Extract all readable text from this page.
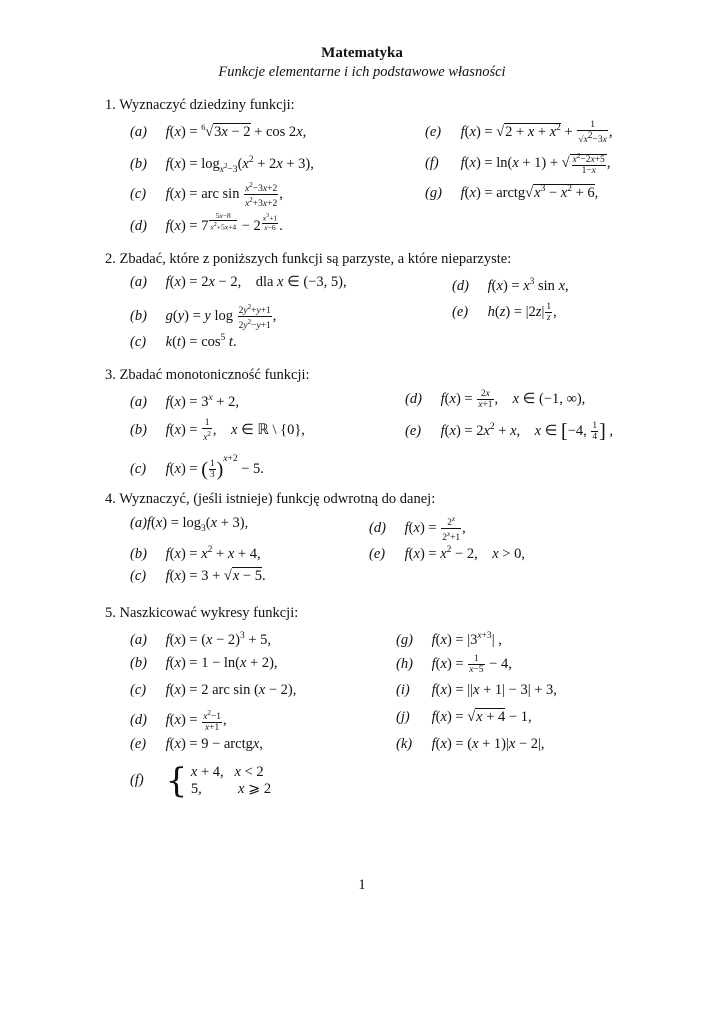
Matematyka
Funkcje elementarne i ich podstawowe własności
1. Wyznaczyć dziedziny funkcji:
(a) f(x) = $^6$√3x − 2 + cos 2x,	(e) $f(x) = √2 + x + x^2 + \frac{1}{√x^2-3x}$ ,
(b) $f(x) = \log_{x^2-3}(x^2 + 2x + 3)$,	(f) f(x) = ln(x + 1) + √ $\frac{x^2-2x+5}{1-x}$ ,
(c) f(x) = arc $\sin \frac{x^2-3x+2}{x^2+3x+2}$ ,	(g) $f(x) = arctg√x^3 - x^2 + 6$,
(d) f(x) = 7 $^{\frac{5x-8}{x^2+5x+4}}$ − 2 $^{\frac{x^3+1}{x-6}}$ .
2. Zbadać, które z poniższych funkcji są parzyste, a które nieparzyste:
(a) f(x) = 2x − 2,    dla x ∈ (−3, 5),	(d) $f(x) = x^3$ sin x,
(b) g(y) = y $\log \frac{2y^2+y+1}{2y^2-y+1}$ ,	(e) $h(z) = |2z| \frac{1}{z}$ ,
(c) $k(t) = \cos^5 t$.
3. Zbadać monotoniczność funkcji:
(a) $f(x) = 3^x + 2$,	(d) $f(x) = \frac{2x}{x+1}$ ,    x ∈ (−1, ∞),
(b) $f(x) = \frac{1}{x^2}$ ,    x ∈ ℝ \ {0},	(e) $f(x) = 2x^2 + x$,    x ∈ [−4, $\frac{1}{4}$ ] ,
(c) f(x) = ( $\frac{1}{3} )^{x+2} - 5$.
4. Wyznaczyć, (jeśli istnieje) funkcję odwrotną do danej:
$(a)f(x) = \log_3(x + 3)$,	(d) $f(x) = \frac{2^x}{2^x+1}$ ,
(b) $f(x) = x^2 + x + 4$,	(e) $f(x) = x^2 - 2$,    x > 0,
(c) f(x) = 3 + √x − 5.
5. Naszkicować wykresy funkcji:
(a) $f(x) = (x - 2)^3 + 5$,	(g) $f(x) = |3^{x+3}|$ ,
(b) f(x) = 1 − ln(x + 2),	(h) $f(x) = \frac{1}{x-5} - 4$,
(c) f(x) = 2 arc sin (x − 2),	(i) f(x) = ||x + 1| − 3| + 3,
(d) $f(x) = \frac{x^2-1}{x+1}$ ,	(j) f(x) = √x + 4 − 1,
(e) f(x) = 9 − arctgx,	(k) f(x) = (x + 1)|x − 2|,
(f) { x + 4,   x < 2
5,          x ⩾ 2
1
